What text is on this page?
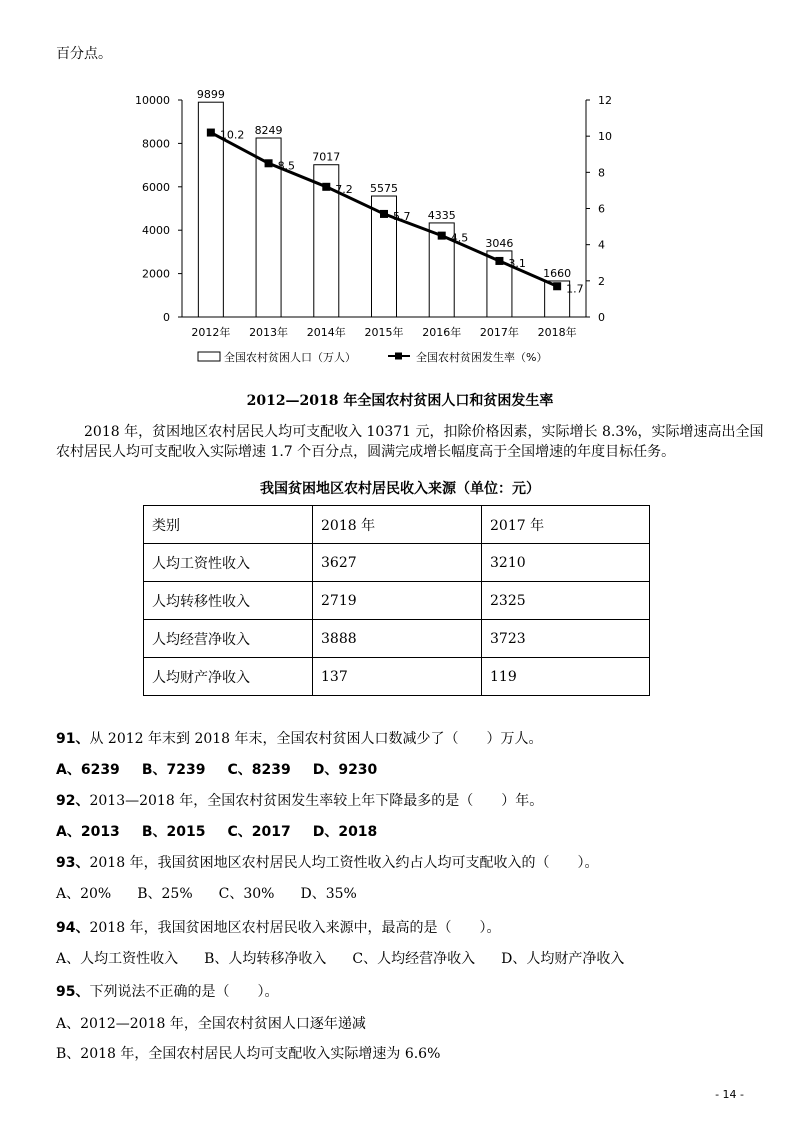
百分点。
0
2000
4000
6000
8000
10000
0
2
4
6
8
10
12
9899
8249
7017
5575
4335
3046
1660
10.2
8.5
7.2
5.7
4.5
3.1
1.7
2012年 2013年 2014年 2015年 2016年 2017年 2018年
全国农村贫困人口（万人）	全国农村贫困发生率（%）
2012—2018 年全国农村贫困人口和贫困发生率
2018 年，贫困地区农村居民人均可支配收入 10371 元，扣除价格因素，实际增长 8.3%，实际增速高出全国
农村居民人均可支配收入实际增速 1.7 个百分点，圆满完成增长幅度高于全国增速的年度目标任务。
我国贫困地区农村居民收入来源（单位：元）
类别	2018 年	2017 年
人均工资性收入	3627	3210
人均转移性收入	2719	2325
人均经营净收入	3888	3723
人均财产净收入	137	119
91、从 2012 年末到 2018 年末，全国农村贫困人口数减少了（　　）万人。
A、6239 B、7239 C、8239 D、9230
92、2013—2018 年，全国农村贫困发生率较上年下降最多的是（　　）年。
A、2013 B、2015 C、2017 D、2018
93、2018 年，我国贫困地区农村居民人均工资性收入约占人均可支配收入的（　　）。
A、20% B、25% C、30% D、35%
94、2018 年，我国贫困地区农村居民收入来源中，最高的是（　　）。
A、人均工资性收入 B、人均转移净收入 C、人均经营净收入 D、人均财产净收入
95、下列说法不正确的是（　　）。
A、2012—2018 年，全国农村贫困人口逐年递减
B、2018 年，全国农村居民人均可支配收入实际增速为 6.6%
- 14 -
